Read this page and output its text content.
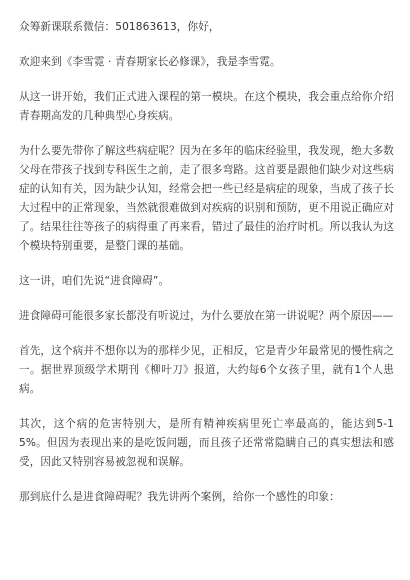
众筹新课联系微信：501863613，你好，

欢迎来到《李雪霓 · 青春期家长必修课》，我是李雪霓。

从这一讲开始，我们正式进入课程的第一模块。在这个模块，我会重点给你介绍青春期高发的几种典型心身疾病。

为什么要先带你了解这些病症呢？因为在多年的临床经验里，我发现，绝大多数父母在带孩子找到专科医生之前，走了很多弯路。这首要是跟他们缺少对这些病症的认知有关，因为缺少认知，经常会把一些已经是病症的现象，当成了孩子长大过程中的正常现象，当然就很难做到对疾病的识别和预防，更不用说正确应对了。结果往往等孩子的病得重了再来看，错过了最佳的治疗时机。所以我认为这个模块特别重要，是整门课的基础。

这一讲，咱们先说“进食障碍”。

进食障碍可能很多家长都没有听说过，为什么要放在第一讲说呢？两个原因——

首先，这个病并不想你以为的那样少见，正相反，它是青少年最常见的慢性病之一。据世界顶级学术期刊《柳叶刀》报道，大约每6个女孩子里，就有1个人患病。

其次，这个病的危害特别大，是所有精神疾病里死亡率最高的，能达到5-15%。但因为表现出来的是吃饭问题，而且孩子还常常隐瞒自己的真实想法和感受，因此又特别容易被忽视和误解。

那到底什么是进食障碍呢？我先讲两个案例，给你一个感性的印象：
